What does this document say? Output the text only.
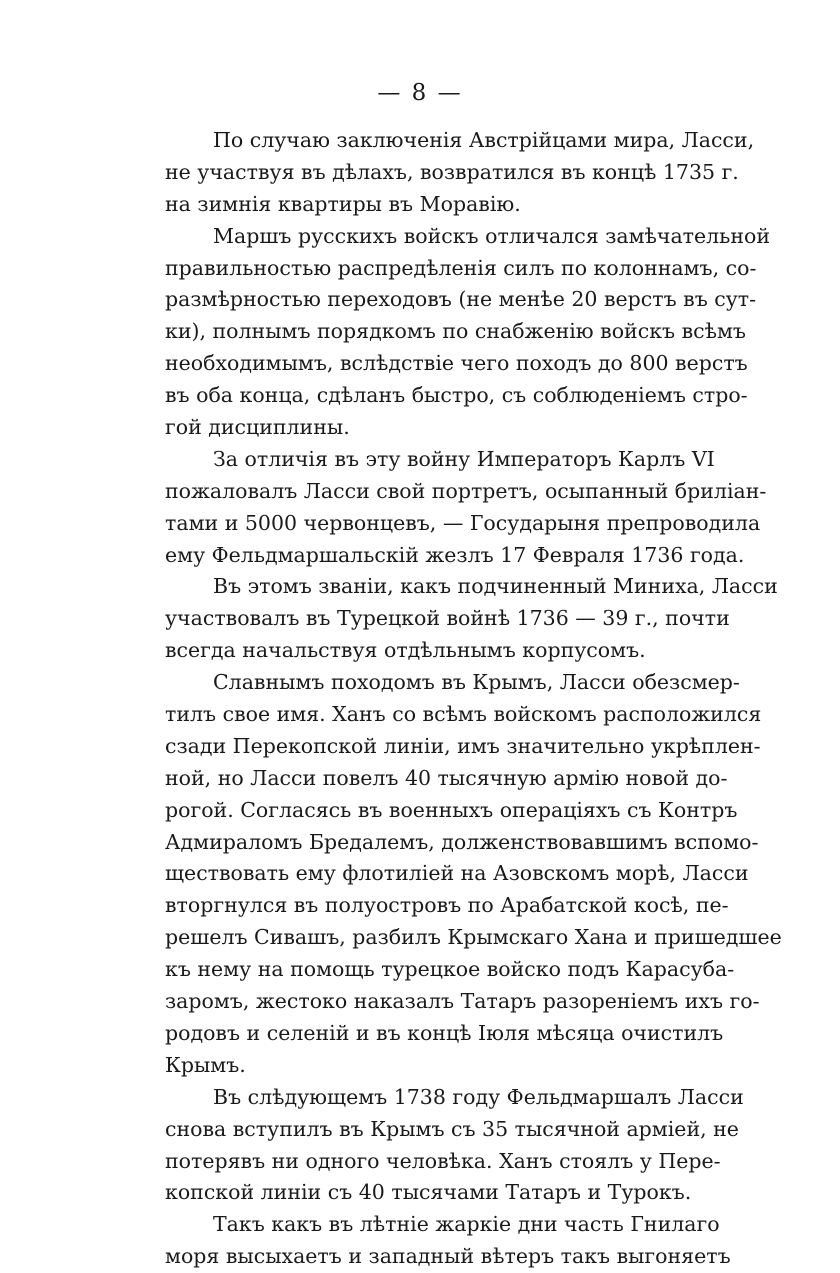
— 8 —
По случаю заключенія Австрійцами мира, Ласси,
не участвуя въ дѣлахъ, возвратился въ концѣ 1735 г.
на зимнія квартиры въ Моравію.
Маршъ русскихъ войскъ отличался замѣчательной
правильностью распредѣленія силъ по колоннамъ, со-
размѣрностью переходовъ (не менѣе 20 верстъ въ сут-
ки), полнымъ порядкомъ по снабженію войскъ всѣмъ
необходимымъ, вслѣдствіе чего походъ до 800 верстъ
въ оба конца, сдѣланъ быстро, съ соблюденіемъ стро-
гой дисциплины.
За отличія въ эту войну Императоръ Карлъ VI
пожаловалъ Ласси свой портретъ, осыпанный бриліан-
тами и 5000 червонцевъ, — Государыня препроводила
ему Фельдмаршальскій жезлъ 17 Февраля 1736 года.
Въ этомъ званіи, какъ подчиненный Миниха, Ласси
участвовалъ въ Турецкой войнѣ 1736 — 39 г., почти
всегда начальствуя отдѣльнымъ корпусомъ.
Славнымъ походомъ въ Крымъ, Ласси обезсмер-
тилъ свое имя. Ханъ со всѣмъ войскомъ расположился
сзади Перекопской линіи, имъ значительно укрѣплен-
ной, но Ласси повелъ 40 тысячную армію новой до-
рогой. Согласясь въ военныхъ операціяхъ съ Контръ
Адмираломъ Бредалемъ, долженствовавшимъ вспомо-
ществовать ему флотиліей на Азовскомъ морѣ, Ласси
вторгнулся въ полуостровъ по Арабатской косѣ, пе-
решелъ Сивашъ, разбилъ Крымскаго Хана и пришедшее
къ нему на помощь турецкое войско подъ Карасуба-
заромъ, жестоко наказалъ Татаръ разореніемъ ихъ го-
родовъ и селеній и въ концѣ Іюля мѣсяца очистилъ
Крымъ.
Въ слѣдующемъ 1738 году Фельдмаршалъ Ласси
снова вступилъ въ Крымъ съ 35 тысячной арміей, не
потерявъ ни одного человѣка. Ханъ стоялъ у Пере-
копской линіи съ 40 тысячами Татаръ и Турокъ.
Такъ какъ въ лѣтніе жаркіе дни часть Гнилаго
моря высыхаетъ и западный вѣтеръ такъ выгоняетъ
